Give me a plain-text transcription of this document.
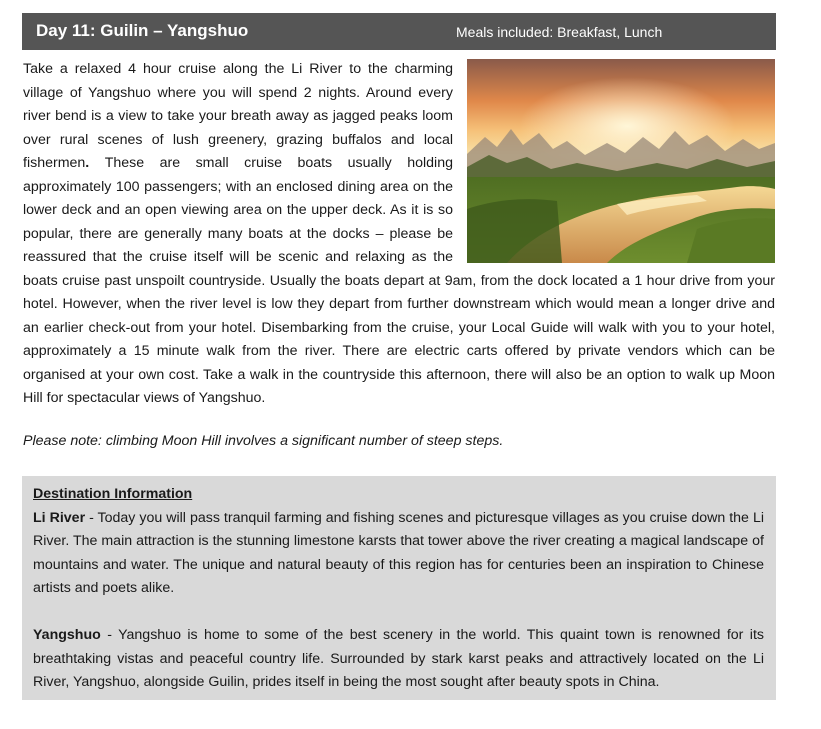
Day 11: Guilin – Yangshuo	Meals included: Breakfast, Lunch

Take a relaxed 4 hour cruise along the Li River to the charming village of Yangshuo where you will spend 2 nights. Around every river bend is a view to take your breath away as jagged peaks loom over rural scenes of lush greenery, grazing buffalos and local fishermen. These are small cruise boats usually holding approximately 100 passengers; with an enclosed dining area on the lower deck and an open viewing area on the upper deck. As it is so popular, there are generally many boats at the docks – please be reassured that the cruise itself will be scenic and relaxing as the boats cruise past unspoilt countryside. Usually the boats depart at 9am, from the dock located a 1 hour drive from your hotel. However, when the river level is low they depart from further downstream which would mean a longer drive and an earlier check-out from your hotel. Disembarking from the cruise, your Local Guide will walk with you to your hotel, approximately a 15 minute walk from the river. There are electric carts offered by private vendors which can be organised at your own cost. Take a walk in the countryside this afternoon, there will also be an option to walk up Moon Hill for spectacular views of Yangshuo.

Please note: climbing Moon Hill involves a significant number of steep steps.

Destination Information

Li River - Today you will pass tranquil farming and fishing scenes and picturesque villages as you cruise down the Li River. The main attraction is the stunning limestone karsts that tower above the river creating a magical landscape of mountains and water. The unique and natural beauty of this region has for centuries been an inspiration to Chinese artists and poets alike.

Yangshuo - Yangshuo is home to some of the best scenery in the world. This quaint town is renowned for its breathtaking vistas and peaceful country life. Surrounded by stark karst peaks and attractively located on the Li River, Yangshuo, alongside Guilin, prides itself in being the most sought after beauty spots in China.
